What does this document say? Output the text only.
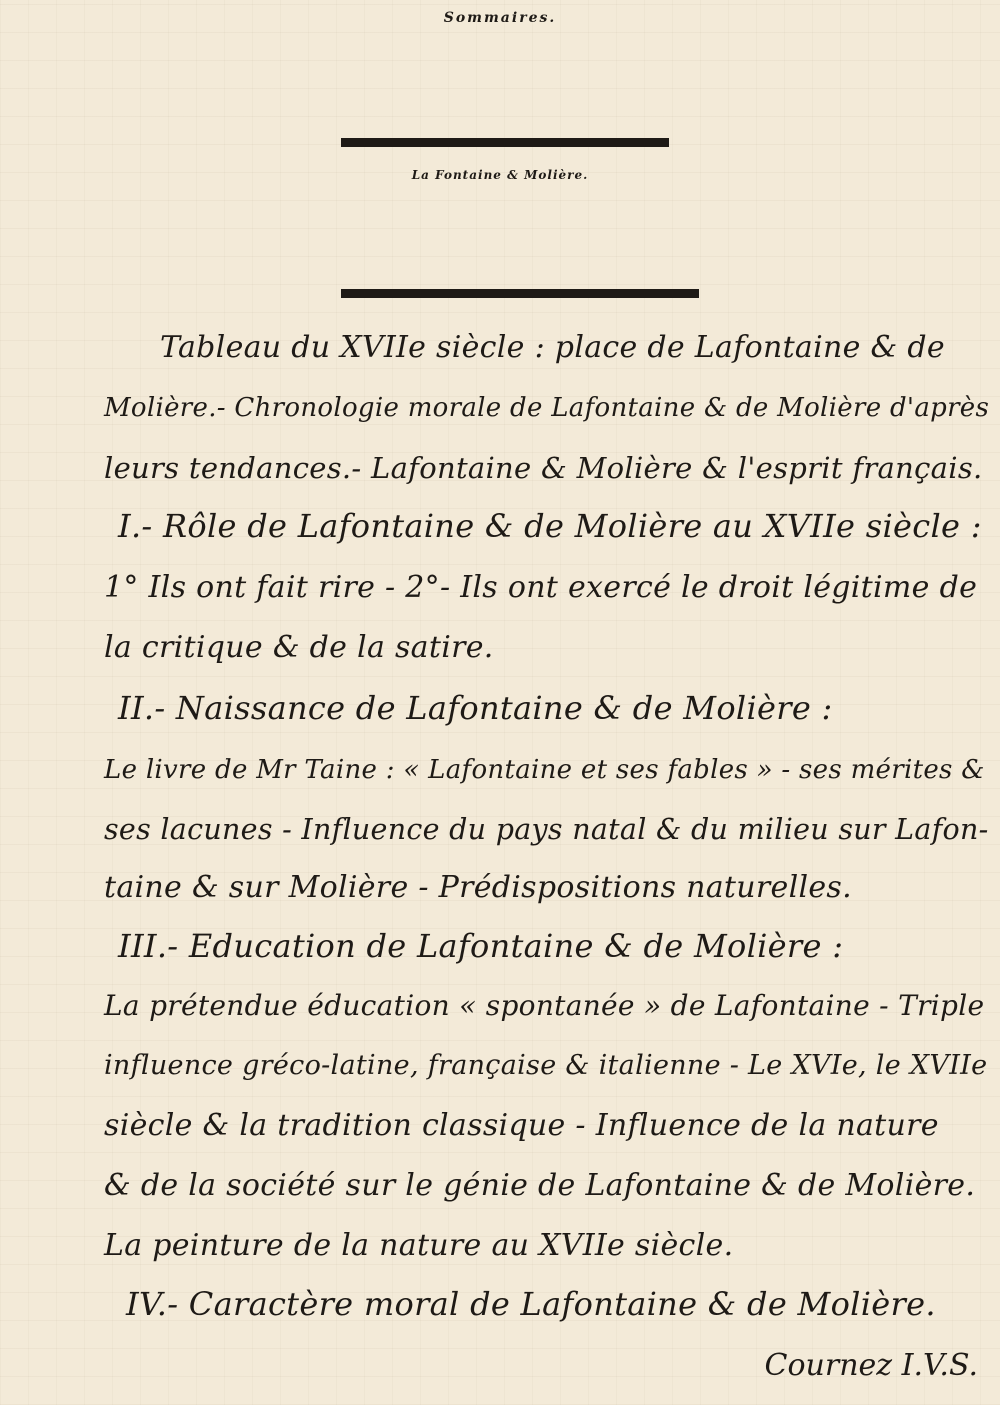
Sommaires.
La Fontaine & Molière.
Tableau du XVIIe siècle : place de Lafontaine & de
Molière.- Chronologie morale de Lafontaine & de Molière d'après
leurs tendances.- Lafontaine & Molière & l'esprit français.
I.- Rôle de Lafontaine & de Molière au XVIIe siècle :
1° Ils ont fait rire - 2°- Ils ont exercé le droit légitime de
la critique & de la satire.
II.- Naissance de Lafontaine & de Molière :
Le livre de Mr Taine : « Lafontaine et ses fables » - ses mérites &
ses lacunes - Influence du pays natal & du milieu sur Lafon-
taine & sur Molière - Prédispositions naturelles.
III.- Education de Lafontaine & de Molière :
La prétendue éducation « spontanée » de Lafontaine - Triple
influence gréco-latine, française & italienne - Le XVIe, le XVIIe
siècle & la tradition classique - Influence de la nature
& de la société sur le génie de Lafontaine & de Molière.
La peinture de la nature au XVIIe siècle.
IV.- Caractère moral de Lafontaine & de Molière.
Cournez I.V.S.
